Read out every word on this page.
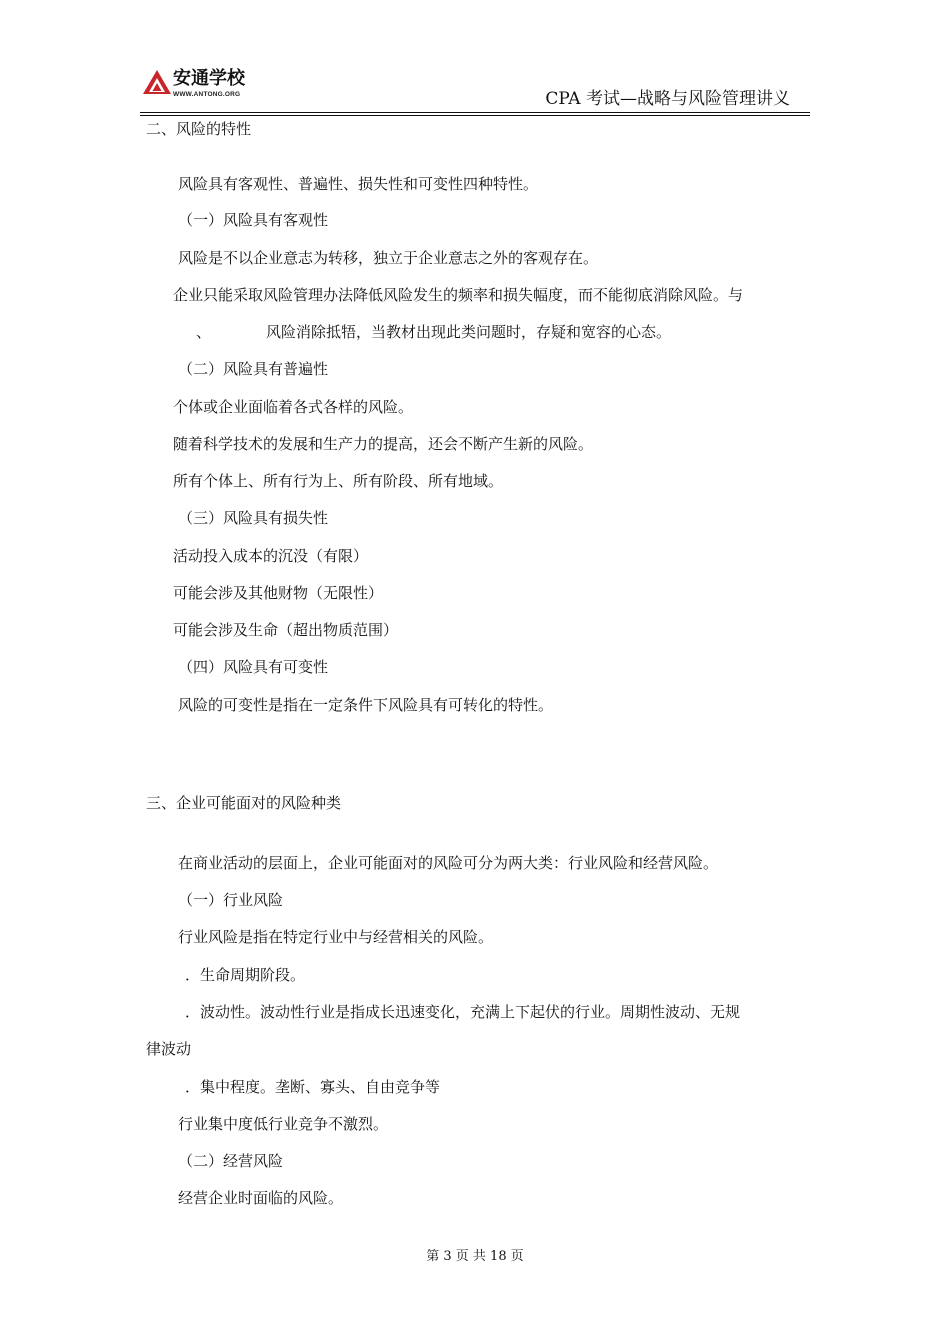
安通学校
WWW.ANTONG.ORG	CPA 考试—战略与风险管理讲义
二、风险的特性
风险具有客观性、普遍性、损失性和可变性四种特性。
（一）风险具有客观性
风险是不以企业意志为转移，独立于企业意志之外的客观存在。
企业只能采取风险管理办法降低风险发生的频率和损失幅度，而不能彻底消除风险。与
、	风险消除抵牾，当教材出现此类问题时，存疑和宽容的心态。
（二）风险具有普遍性
个体或企业面临着各式各样的风险。
随着科学技术的发展和生产力的提高，还会不断产生新的风险。
所有个体上、所有行为上、所有阶段、所有地域。
（三）风险具有损失性
活动投入成本的沉没（有限）
可能会涉及其他财物（无限性）
可能会涉及生命（超出物质范围）
（四）风险具有可变性
风险的可变性是指在一定条件下风险具有可转化的特性。
三、企业可能面对的风险种类
在商业活动的层面上，企业可能面对的风险可分为两大类：行业风险和经营风险。
（一）行业风险
行业风险是指在特定行业中与经营相关的风险。
．生命周期阶段。
．波动性。波动性行业是指成长迅速变化，充满上下起伏的行业。周期性波动、无规
律波动
．集中程度。垄断、寡头、自由竞争等
行业集中度低行业竞争不激烈。
（二）经营风险
经营企业时面临的风险。
第 3 页 共 18 页
